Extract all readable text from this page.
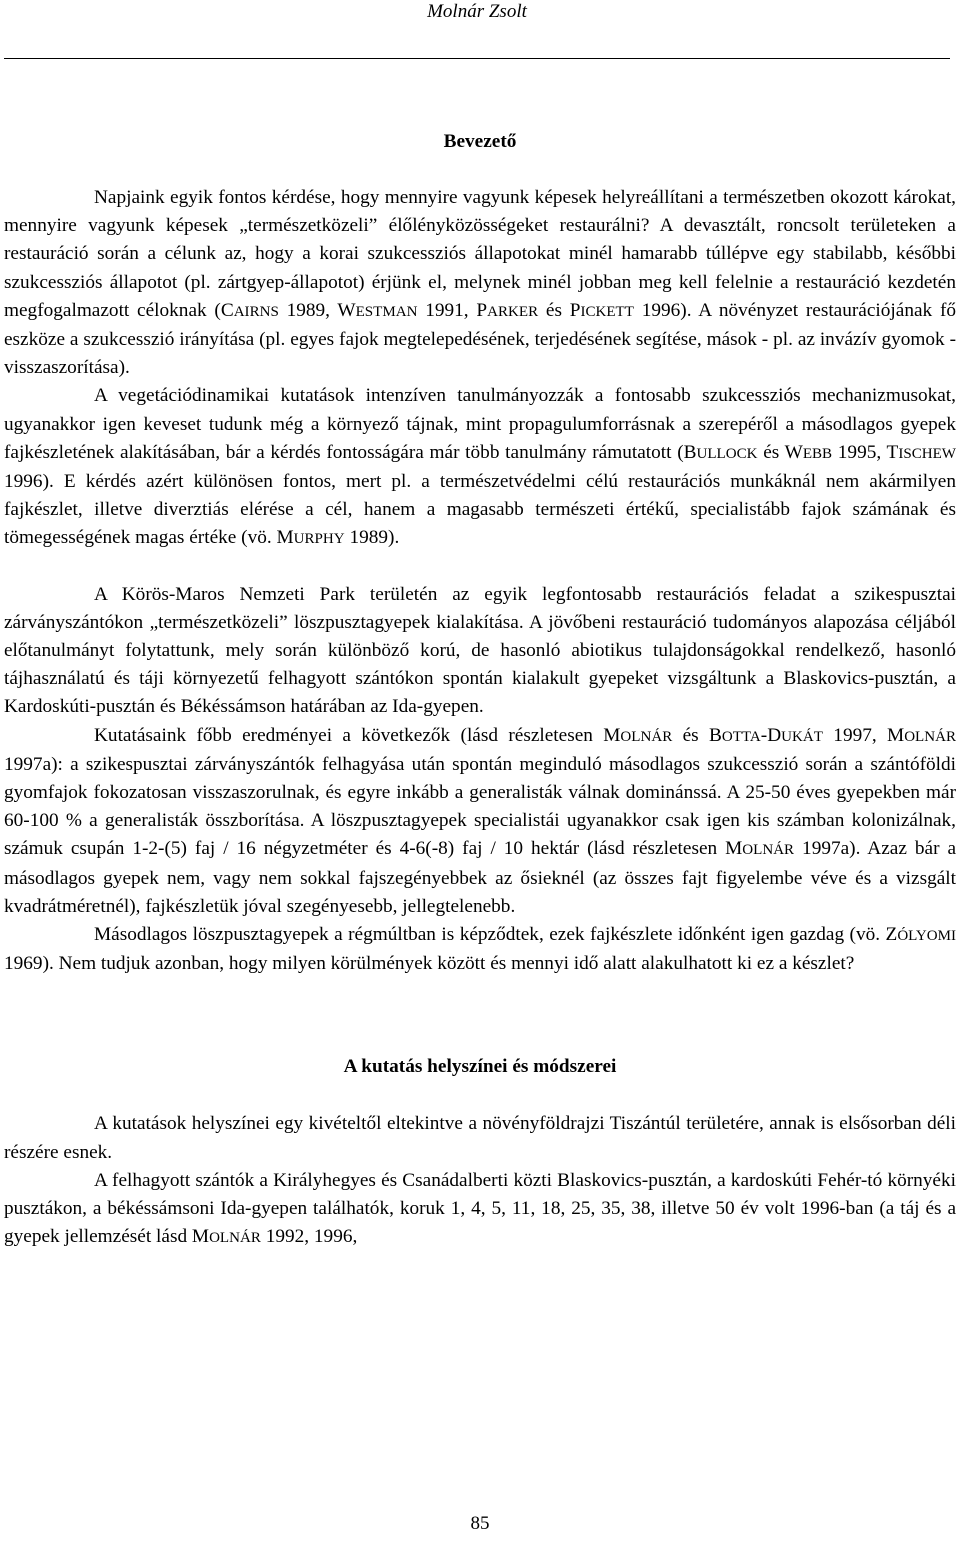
Molnár Zsolt
Bevezető

Napjaink egyik fontos kérdése, hogy mennyire vagyunk képesek helyreállítani a természetben okozott károkat, mennyire vagyunk képesek „természetközeli” élőlényközösségeket restaurálni? A devasztált, roncsolt területeken a restauráció során a célunk az, hogy a korai szukcessziós állapotokat minél hamarabb túllépve egy stabilabb, későbbi szukcessziós állapotot (pl. zártgyep-állapotot) érjünk el, melynek minél jobban meg kell felelnie a restauráció kezdetén megfogalmazott céloknak (CAIRNS 1989, WESTMAN 1991, PARKER és PICKETT 1996). A növényzet restaurációjának fő eszköze a szukcesszió irányítása (pl. egyes fajok megtelepedésének, terjedésének segítése, mások - pl. az invázív gyomok - visszaszorítása).

A vegetációdinamikai kutatások intenzíven tanulmányozzák a fontosabb szukcessziós mechanizmusokat, ugyanakkor igen keveset tudunk még a környező tájnak, mint propagulumforrásnak a szerepéről a másodlagos gyepek fajkészletének alakításában, bár a kérdés fontosságára már több tanulmány rámutatott (BULLOCK és WEBB 1995, TISCHEW 1996). E kérdés azért különösen fontos, mert pl. a természetvédelmi célú restaurációs munkáknál nem akármilyen fajkészlet, illetve diverztiás elérése a cél, hanem a magasabb természeti értékű, specialistább fajok számának és tömegességének magas értéke (vö. MURPHY 1989).

A Körös-Maros Nemzeti Park területén az egyik legfontosabb restaurációs feladat a szikespusztai zárványszántókon „természetközeli” löszpusztagyepek kialakítása. A jövőbeni restauráció tudományos alapozása céljából előtanulmányt folytattunk, mely során különböző korú, de hasonló abiotikus tulajdonságokkal rendelkező, hasonló tájhasználatú és táji környezetű felhagyott szántókon spontán kialakult gyepeket vizsgáltunk a Blaskovics-pusztán, a Kardoskúti-pusztán és Békéssámson határában az Ida-gyepen.

Kutatásaink főbb eredményei a következők (lásd részletesen MOLNÁR és BOTTA-DUKÁT 1997, MOLNÁR 1997a): a szikespusztai zárványszántók felhagyása után spontán meginduló másodlagos szukcesszió során a szántóföldi gyomfajok fokozatosan visszaszorulnak, és egyre inkább a generalisták válnak dominánssá. A 25-50 éves gyepekben már 60-100 % a generalisták összborítása. A löszpusztagyepek specialistái ugyanakkor csak igen kis számban kolonizálnak, számuk csupán 1-2-(5) faj / 16 négyzetméter és 4-6(-8) faj / 10 hektár (lásd részletesen MOLNÁR 1997a). Azaz bár a másodlagos gyepek nem, vagy nem sokkal fajszegényebbek az ősieknél (az összes fajt figyelembe véve és a vizsgált kvadrátméretnél), fajkészletük jóval szegényesebb, jellegtelenebb.

Másodlagos löszpusztagyepek a régmúltban is képződtek, ezek fajkészlete időnként igen gazdag (vö. ZÓLYOMI 1969). Nem tudjuk azonban, hogy milyen körülmények között és mennyi idő alatt alakulhatott ki ez a készlet?

A kutatás helyszínei és módszerei

A kutatások helyszínei egy kivételtől eltekintve a növényföldrajzi Tiszántúl területére, annak is elsősorban déli részére esnek.

A felhagyott szántók a Királyhegyes és Csanádalberti közti Blaskovics-pusztán, a kardoskúti Fehér-tó környéki pusztákon, a békéssámsoni Ida-gyepen találhatók, koruk 1, 4, 5, 11, 18, 25, 35, 38, illetve 50 év volt 1996-ban (a táj és a gyepek jellemzését lásd MOLNÁR 1992, 1996,

85
